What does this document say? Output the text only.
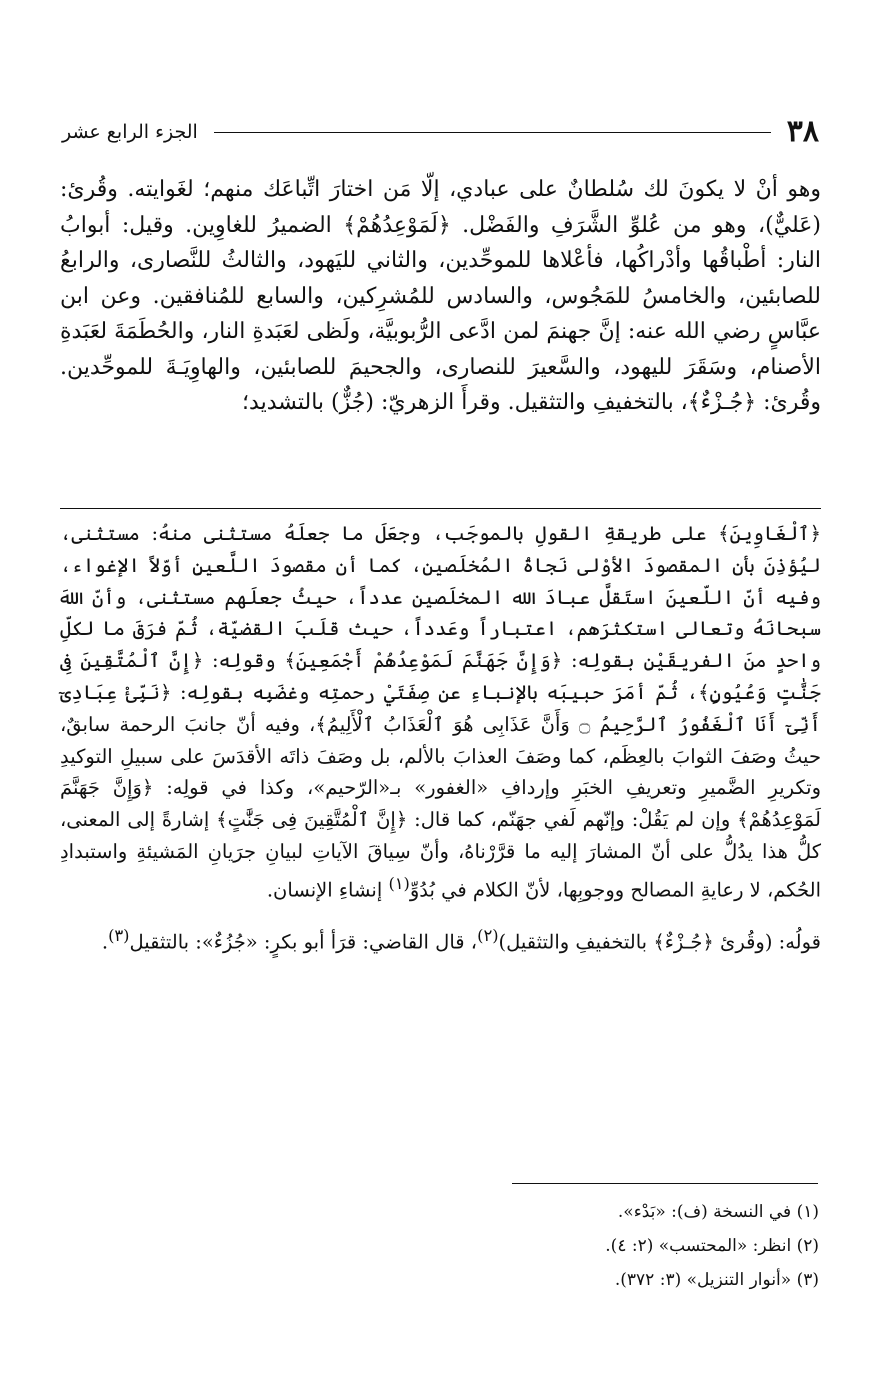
٣٨
الجزء الرابع عشر

وهو أنْ لا يكونَ لك سُلطانٌ على عبادي، إلّا مَن اختارَ اتِّباعَك منهم؛ لغَوايته. وقُرئ: (عَليٌّ)، وهو من عُلوِّ الشَّرَفِ والفَضْل. ﴿لَمَوْعِدُهُمْ﴾ الضميرُ للغاوِين. وقيل: أبوابُ النار: أطْباقُها وأدْراكُها، فأعْلاها للموحِّدين، والثاني لليَهود، والثالثُ للنَّصارى، والرابعُ للصابئين، والخامسُ للمَجُوس، والسادس للمُشرِكين، والسابع للمُنافقين. وعن ابن عبَّاسٍ رضي الله عنه: إنَّ جهنمَ لمن ادَّعى الرُّبوبيَّة، ولَظى لعَبَدةِ النار، والحُطَمَةَ لعَبَدةِ الأصنام، وسَقَرَ لليهود، والسَّعيرَ للنصارى، والجحيمَ للصابئين، والهاوِيَـةَ للموحِّدين. وقُرئ: ﴿جُـزْءٌ﴾، بالتخفيفِ والتثقيل. وقرأَ الزهريّ: (جُزٌّ) بالتشديد؛

﴿ٱلْغَاوِينَ﴾ على طريقةِ القولِ بالموجَب، وجعَلَ ما جعلَهُ مستثنى منهُ: مستثنى، ليُؤذِنَ بأن المقصودَ الأوْلى نَجاةُ المُخلَصين، كما أن مقصودَ اللَّعينِ أوّلاً الإغواء، وفيه أنّ اللّعينَ استَقلَّ عبادَ الله المخلَصين عدداً، حيثُ جعلَهم مستثنى، وأنّ اللهَ سبحانَهُ وتعالى استكثرَهم، اعتباراً وعَدداً، حيث قلَبَ القضيّة، ثُمّ فرَقَ ما لكلِّ واحدٍ منَ الفريقَيْنِ بقولِه: ﴿وَإِنَّ جَهَنَّمَ لَمَوْعِدُهُمْ أَجْمَعِينَ﴾ وقولِه: ﴿إِنَّ ٱلْمُتَّقِينَ فِى جَنَّٰتٍ وَعُيُونٍ﴾، ثُمّ أمَرَ حبيبَه بالإنباءِ عن صِفَتَيْ رحمتِه وغضَبِه بقولِه: ﴿نَبِّئْ عِبَادِىٓ أَنِّىٓ أَنَا ٱلْغَفُورُ ٱلرَّحِيمُ ۝ وَأَنَّ عَذَابِى هُوَ ٱلْعَذَابُ ٱلْأَلِيمُ﴾، وفيه أنّ جانبَ الرحمة سابقٌ، حيثُ وصَفَ الثوابَ بالعِظَم، كما وصَفَ العذابَ بالألم، بل وصَفَ ذاتَه الأقدَسَ على سبيلِ التوكيدِ وتكريرِ الضَّميرِ وتعريفِ الخبَرِ وإردافِ «الغفور» بـ«الرّحيم»، وكذا في قولِه: ﴿وَإِنَّ جَهَنَّمَ لَمَوْعِدُهُمْ﴾ وإن لم يَقُلْ: وإنّهم لَفي جهَنّم، كما قال: ﴿إِنَّ ٱلْمُتَّقِينَ فِى جَنَّٰتٍ﴾ إشارةً إلى المعنى، كلُّ هذا يدُلُّ على أنّ المشارَ إليه ما قرَّرْناهُ، وأنّ سِياقَ الآياتِ لبيانِ جرَيانِ المَشيئةِ واستبدادِ الحُكم، لا رعايةِ المصالح ووجوبِها، لأنّ الكلام في بُدُوِّ$^{(١)}$ إنشاءِ الإنسان.

قولُه: (وقُرئ ﴿جُـزْءٌ﴾ بالتخفيفِ والتثقيل)$^{(٢)}$، قال القاضي: قرَأ أبو بكرٍ: «جُزُءٌ»: بالتثقيل$^{(٣)}$.

(١) في النسخة (ف): «بَدْء».

(٢) انظر: «المحتسب» (٢: ٤).

(٣) «أنوار التنزيل» (٣: ٣٧٢).
